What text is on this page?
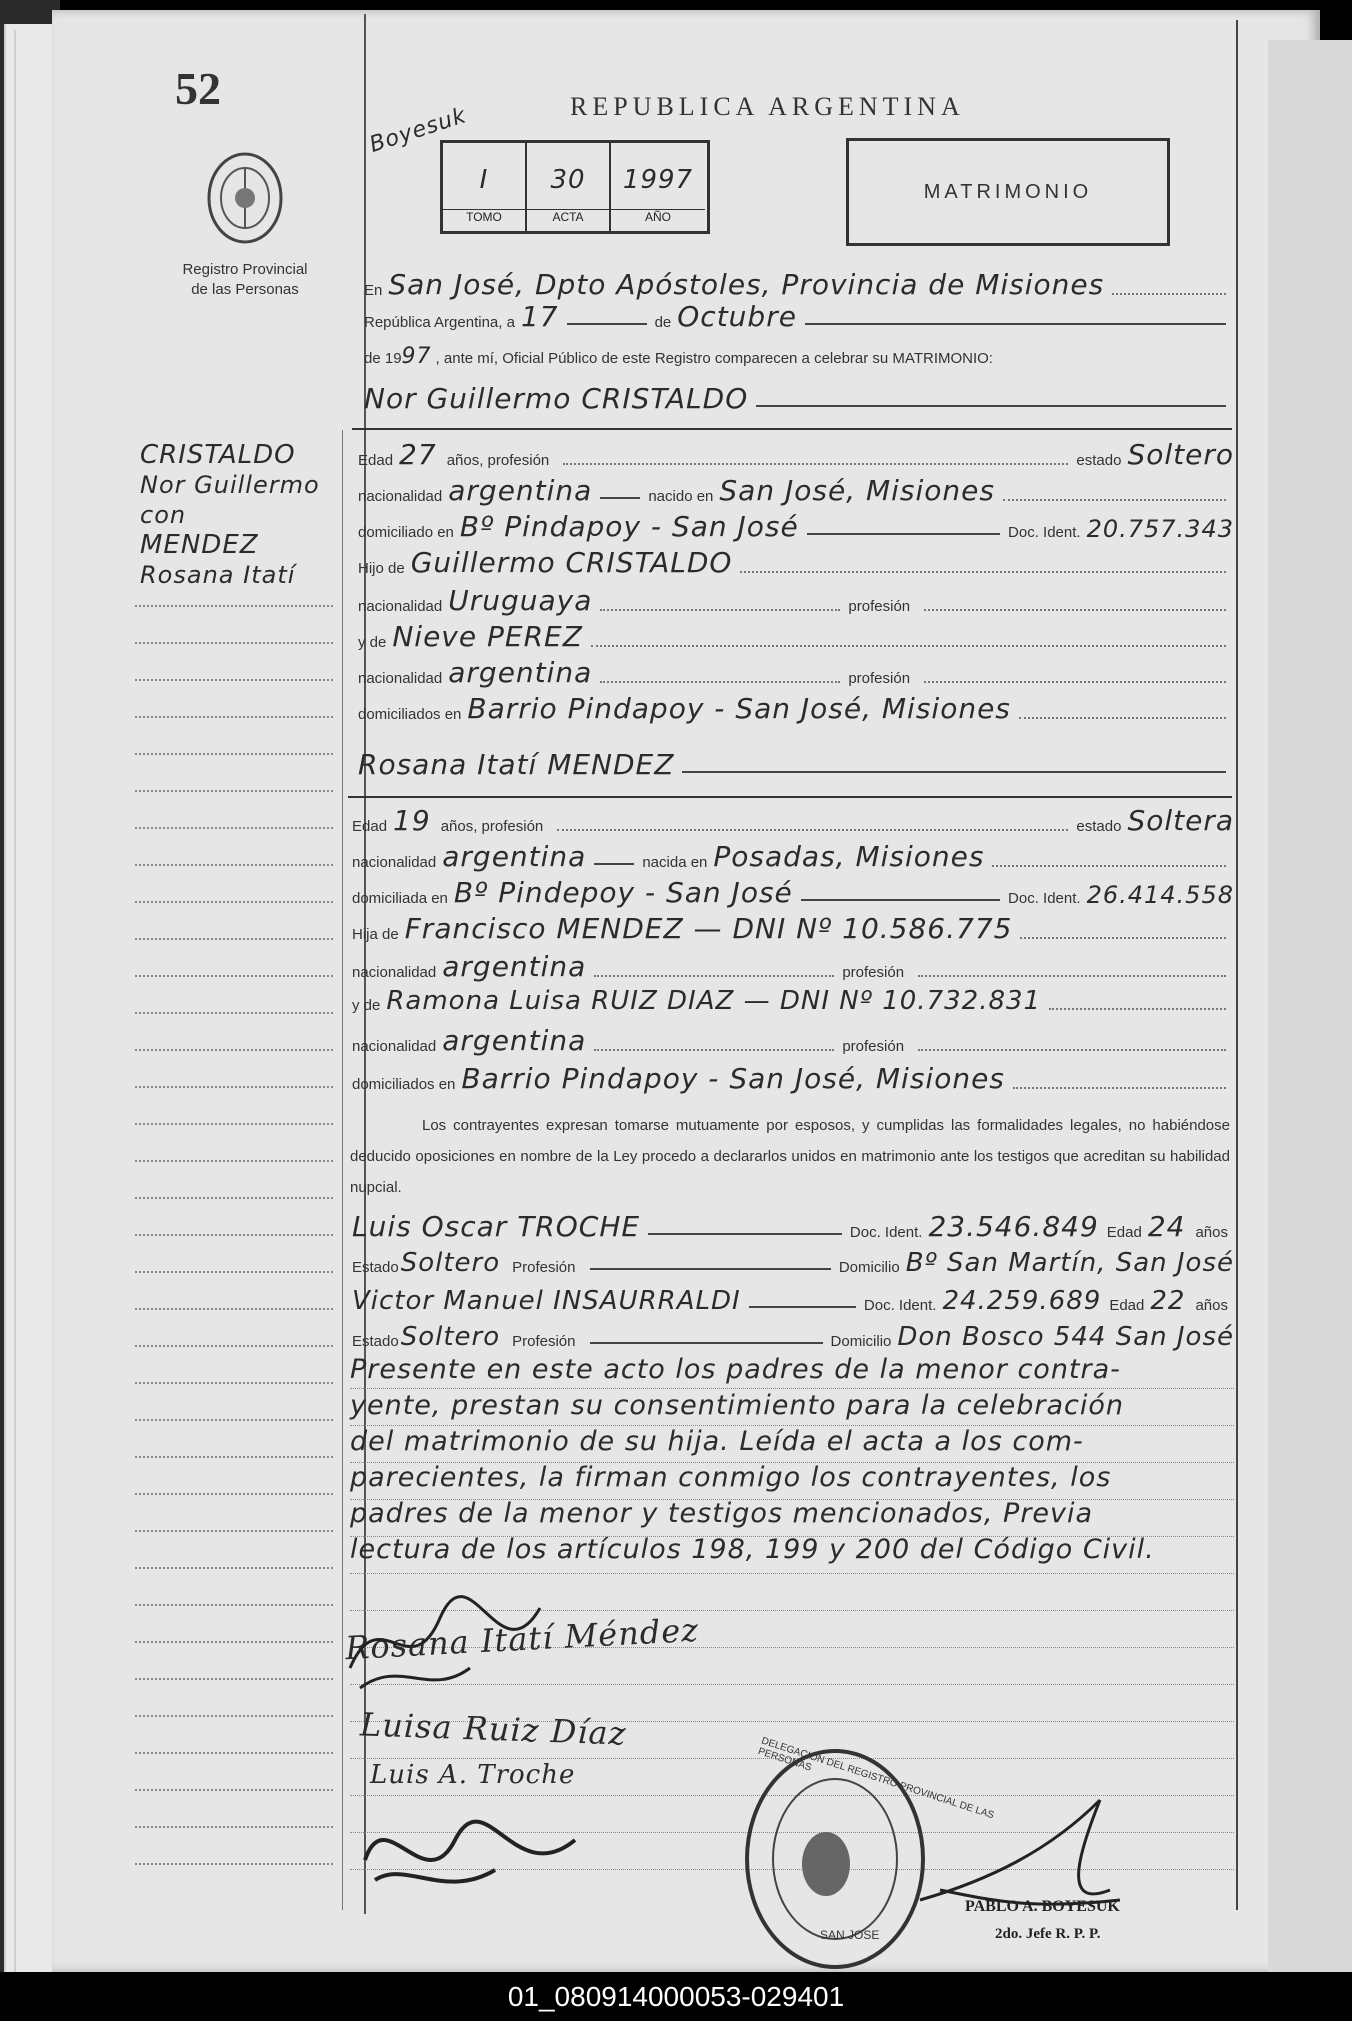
52
Registro Provincial
de las Personas
REPUBLICA ARGENTINA
Boyesuk
I
TOMO
30
ACTA
1997
AÑO
MATRIMONIO
CRISTALDO
Nor Guillermo
con
MENDEZ
Rosana Itatí
En San José, Dpto Apóstoles, Provincia de Misiones
República Argentina, a 17	de Octubre
de 19 97 , ante mí, Oficial Público de este Registro comparecen a celebrar su MATRIMONIO:
Nor Guillermo CRISTALDO
Edad 27 años, profesión	estado Soltero
nacionalidad argentina	nacido en San José, Misiones
domiciliado en Bº Pindapoy - San José	Doc. Ident. 20.757.343
Hijo de Guillermo CRISTALDO
nacionalidad Uruguaya	profesión
y de Nieve PEREZ
nacionalidad argentina	profesión
domiciliados en Barrio Pindapoy - San José, Misiones
Rosana Itatí MENDEZ
Edad 19 años, profesión	estado Soltera
nacionalidad argentina	nacida en Posadas, Misiones
domiciliada en Bº Pindepoy - San José	Doc. Ident. 26.414.558
Hija de Francisco MENDEZ — DNI Nº 10.586.775
nacionalidad argentina	profesión
y de Ramona Luisa RUIZ DIAZ — DNI Nº 10.732.831
nacionalidad argentina	profesión
domiciliados en Barrio Pindapoy - San José, Misiones
Los contrayentes expresan tomarse mutuamente por esposos, y cumplidas las formalidades legales, no habiéndose deducido oposiciones en nombre de la Ley procedo a declararlos unidos en matrimonio ante los testigos que acreditan su habilidad nupcial.
Luis Oscar TROCHE	Doc. Ident. 23.546.849 Edad 24 años
Estado Soltero Profesión	Domicilio Bº San Martín, San José
Victor Manuel INSAURRALDI	Doc. Ident. 24.259.689 Edad 22 años
Estado Soltero Profesión	Domicilio Don Bosco 544 San José
Presente en este acto los padres de la menor contra-
yente, prestan su consentimiento para la celebración
del matrimonio de su hija. Leída el acta a los com-
parecientes, la firman conmigo los contrayentes, los
padres de la menor y testigos mencionados, Previa
lectura de los artículos 198, 199 y 200 del Código Civil.
Rosana Itatí Méndez
Luisa Ruiz Díaz
Luis A. Troche
SAN JOSE
DELEGACION DEL REGISTRO PROVINCIAL DE LAS PERSONAS
PABLO A. BOYESUK
2do. Jefe R. P. P.
01_080914000053-029401
